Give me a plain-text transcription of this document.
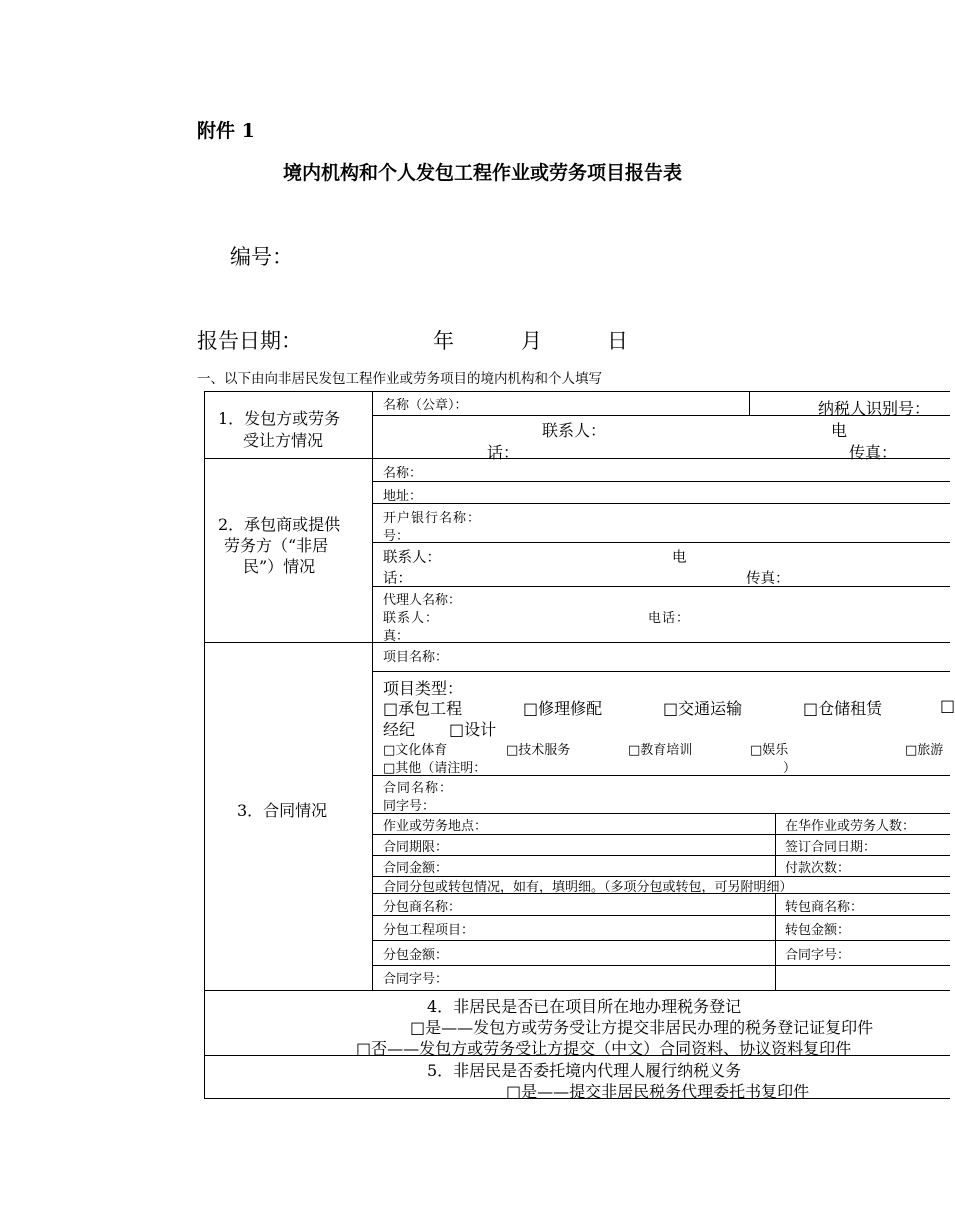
附件 1
境内机构和个人发包工程作业或劳务项目报告表
编号：
报告日期：	年	月	日
一、以下由向非居民发包工程作业或劳务项目的境内机构和个人填写
1．发包方或劳务
受让方情况
名称（公章）：	纳税人识别号：
联系人：	电
话：	传真：
2．承包商或提供
劳务方（“非居
民”）情况
名称：
地址：
开户银行名称：
号：
联系人：	电
话：	传真：
代理人名称：
联系人：	电话：
真：
3．合同情况
项目名称：
项目类型：
□承包工程	□修理修配	□交通运输	□仓储租赁	□
经纪 □设计
□文化体育	□技术服务	□教育培训	□娱乐	□旅游
□其他（请注明：	）
合同名称：
同字号：
作业或劳务地点：	在华作业或劳务人数：
合同期限：	签订合同日期：
合同金额：	付款次数：
合同分包或转包情况，如有，填明细。（多项分包或转包，可另附明细）
分包商名称：	转包商名称：
分包工程项目：	转包金额：
分包金额：	合同字号：
合同字号：
4．非居民是否已在项目所在地办理税务登记
□是——发包方或劳务受让方提交非居民办理的税务登记证复印件
□否——发包方或劳务受让方提交（中文）合同资料、协议资料复印件
5．非居民是否委托境内代理人履行纳税义务
□是——提交非居民税务代理委托书复印件
